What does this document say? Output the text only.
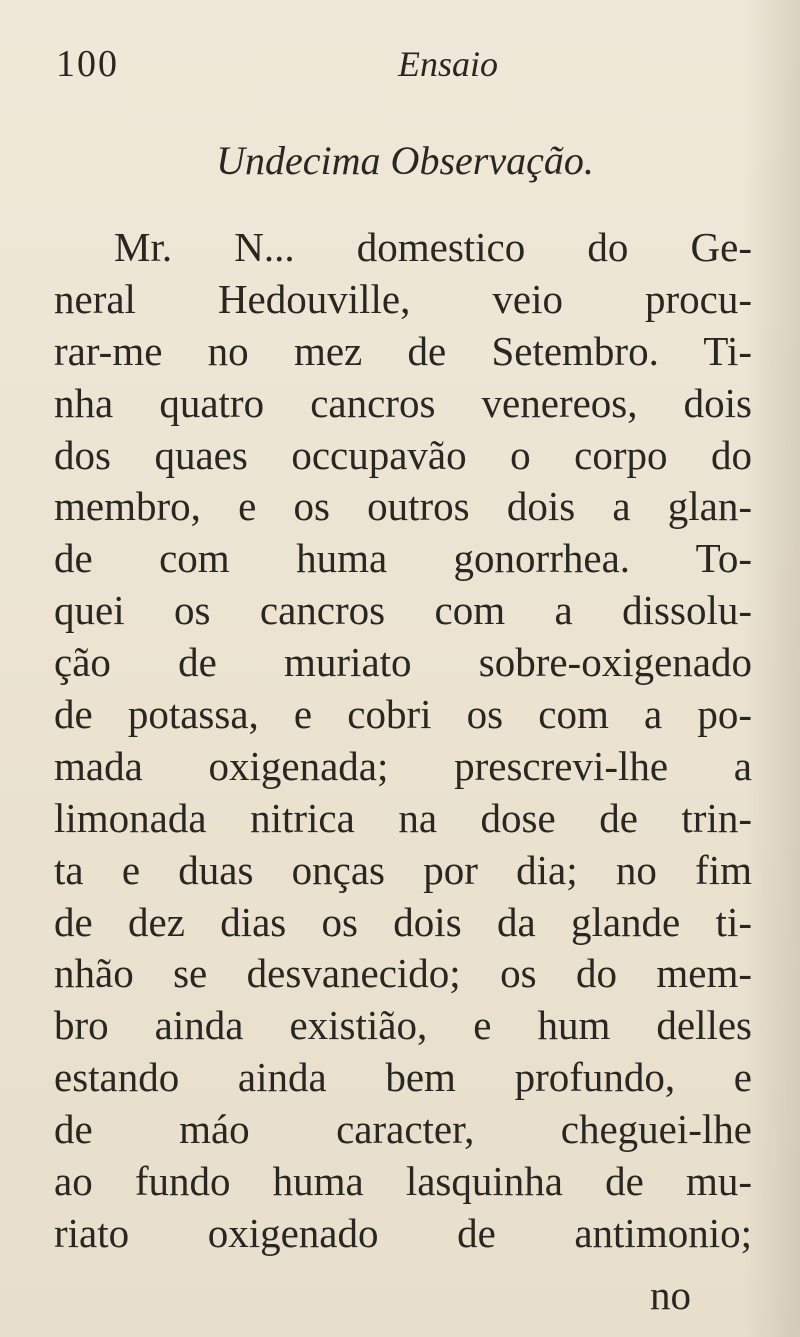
100	Ensaio
Undecima Observação.
Mr. N... domestico do Ge-
neral Hedouville, veio procu-
rar-me no mez de Setembro. Ti-
nha quatro cancros venereos, dois
dos quaes occupavão o corpo do
membro, e os outros dois a glan-
de com huma gonorrhea. To-
quei os cancros com a dissolu-
ção de muriato sobre-oxigenado
de potassa, e cobri os com a po-
mada oxigenada; prescrevi-lhe a
limonada nitrica na dose de trin-
ta e duas onças por dia; no fim
de dez dias os dois da glande ti-
nhão se desvanecido; os do mem-
bro ainda existião, e hum delles
estando ainda bem profundo, e
de máo caracter, cheguei-lhe
ao fundo huma lasquinha de mu-
riato oxigenado de antimonio;
no
